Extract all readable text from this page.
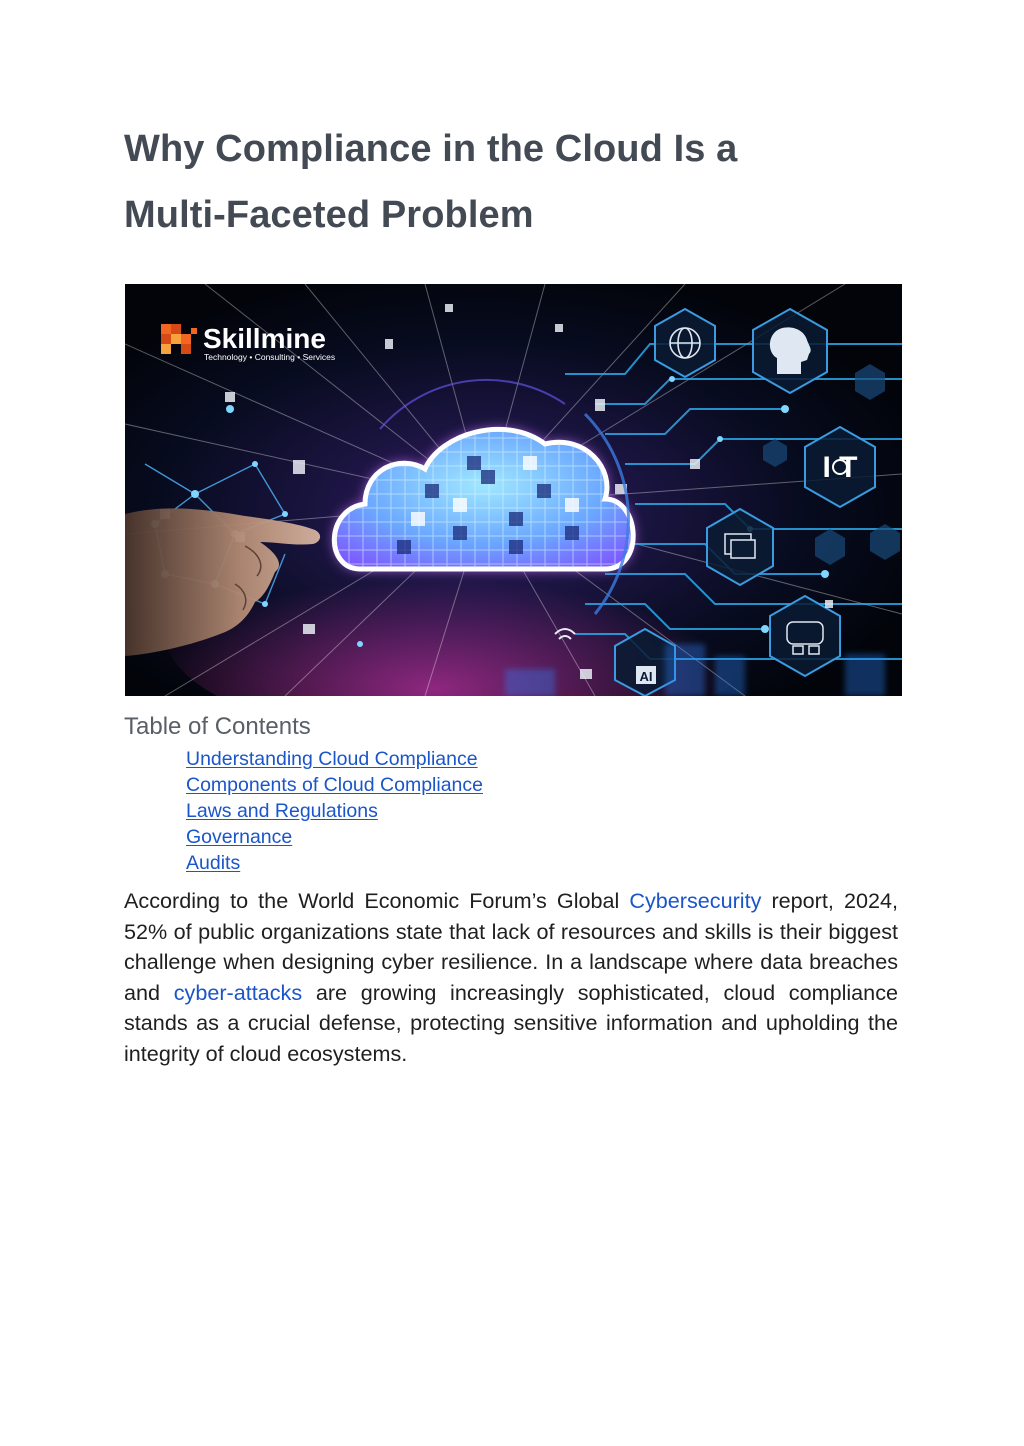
Why Compliance in the Cloud Is a
Multi-Faceted Problem
I T
AI
Skillmine
Technology • Consulting • Services
Table of Contents
Understanding Cloud Compliance
Components of Cloud Compliance
Laws and Regulations
Governance
Audits

According to the World Economic Forum’s Global Cybersecurity report, 2024, 52% of public organizations state that lack of resources and skills is their biggest challenge when designing cyber resilience. In a landscape where data breaches and cyber-attacks are growing increasingly sophisticated, cloud compliance stands as a crucial defense, protecting sensitive information and upholding the integrity of cloud ecosystems.
